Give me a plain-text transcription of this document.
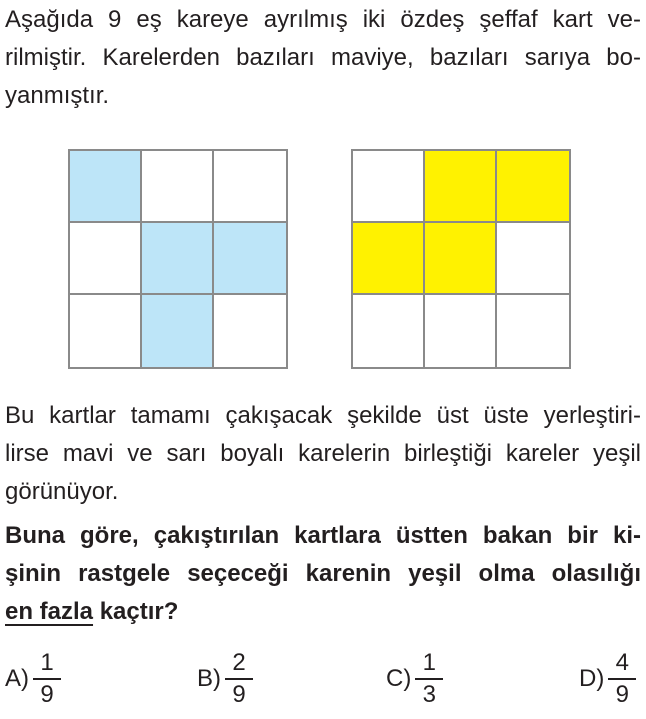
Aşağıda 9 eş kareye ayrılmış iki özdeş şeffaf kart ve-
rilmiştir. Karelerden bazıları maviye, bazıları sarıya bo-
yanmıştır.
Bu kartlar tamamı çakışacak şekilde üst üste yerleştiri-
lirse mavi ve sarı boyalı karelerin birleştiği kareler yeşil
görünüyor.
Buna göre, çakıştırılan kartlara üstten bakan bir ki-
şinin rastgele seçeceği karenin yeşil olma olasılığı
en fazla kaçtır?
$A) \frac{1}{9}$	$B) \frac{2}{9}$	$C) \frac{1}{3}$	$D) \frac{4}{9}$
